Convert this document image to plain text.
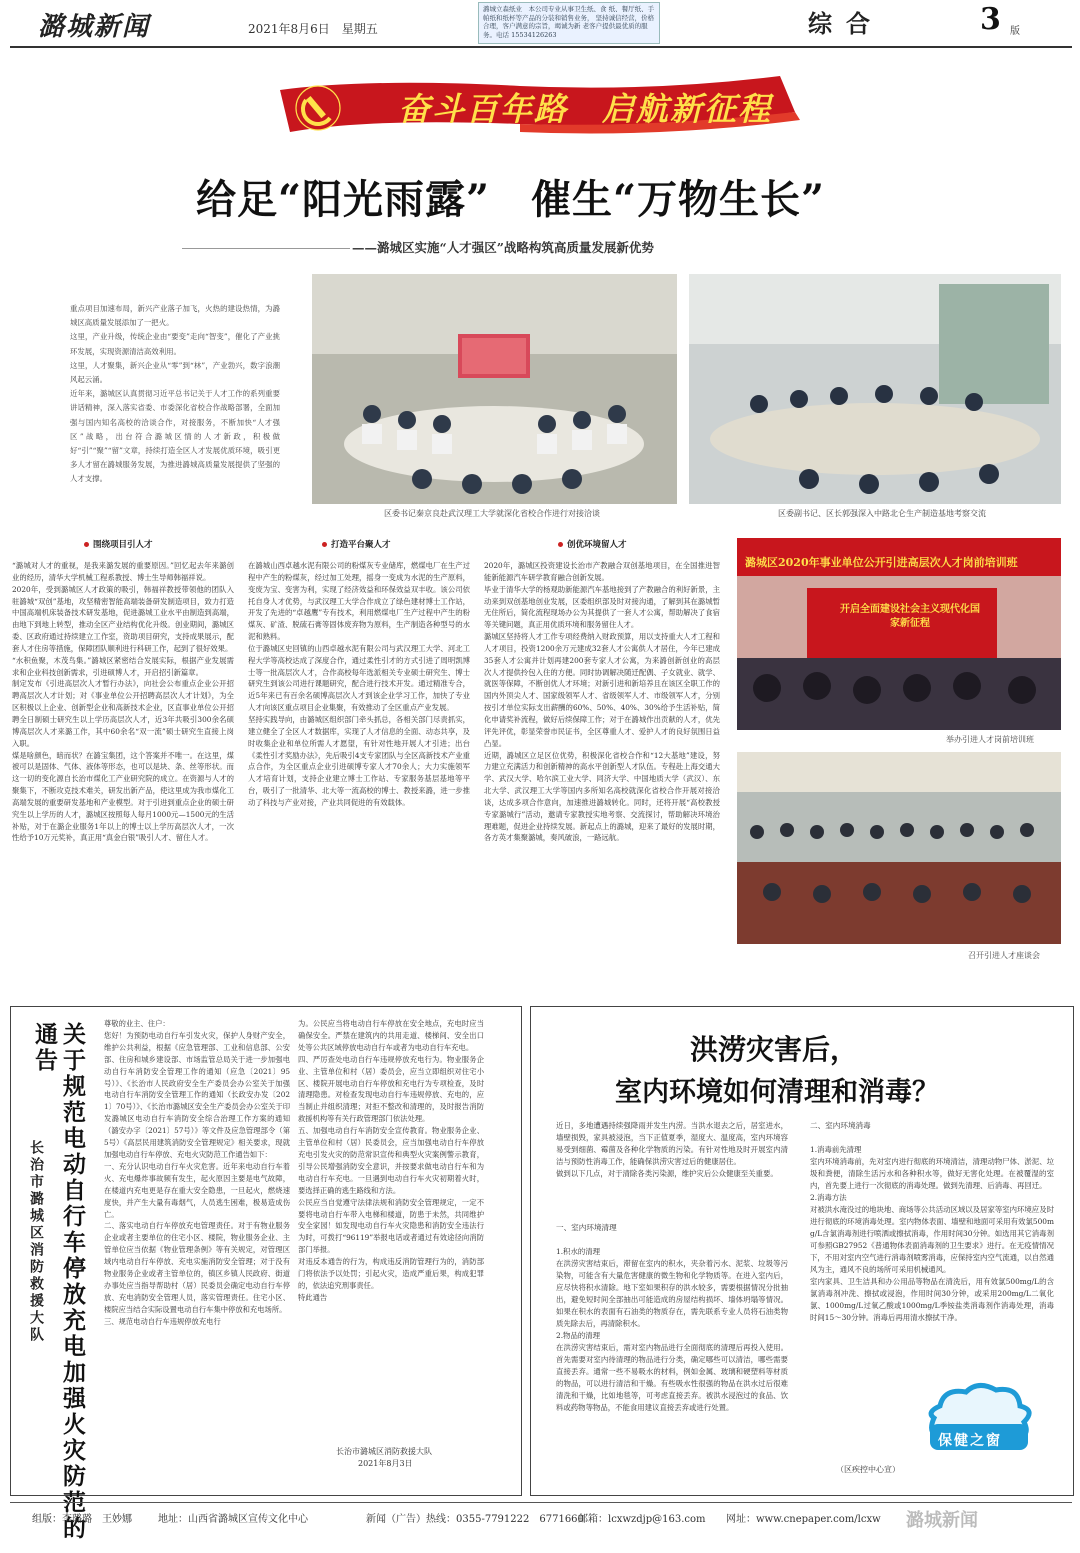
潞城新闻	2021年8月6日　星期五
潞城立森纸业　本公司专业从事卫生纸、食 纸、餐厅纸、手帕纸和纸杯等产品的分装和销售业务， 坚持诚信经营，价格合理，客户满意的宗旨，竭诚为新 老客户提供最优质的服务。电话 15534126263	综合	3 版
奋斗百年路　启航新征程
给足“阳光雨露”　催生“万物生长”
——潞城区实施“人才强区”战略构筑高质量发展新优势
重点项目加速布局，新兴产业落子加飞，火热的建设热情，为潞城区高质量发展添加了一把火。
这里，产业升级，传统企业由“要变”走向“智变”，催化了产业挑环发展，实现资源清洁高效利用。
这里，人才聚集，新兴企业从“零”到“林”，产业勃兴，数字浪潮风起云涌。
近年来，潞城区认真贯彻习近平总书记关于人才工作的系列重要讲话精神，深入落实省委、市委深化省校合作战略部署，全面加强与国内知名高校的洽谈合作，对接服务，不断加快“人才强区”战略，出台符合潞城区情的人才新政，积极做好“引”“聚”“留”文章，持续打造全区人才发展优质环境，吸引更多人才留在潞城服务发展，为推进潞城高质量发展提供了坚强的人才支撑。
区委书记秦京良赴武汉理工大学就深化省校合作进行对接洽谈	区委副书记、区长郭强深入中路北仑生产制造基地考察交流
围绕项目引人才	打造平台聚人才	创优环境留人才
“潞城对人才的重视，是我来潞发展的重要原因。”回忆起去年来潞创业的经历，清华大学机械工程系教授、博士生导师韩福祥说。
2020年，受到潞城区人才政策的吸引，韩福祥教授带领他的团队入驻潞城“双创”基地，攻坚精密智能高端装备研发制造项目，致力打造中国高端机床装备技术研发基地，促进潞城工业水平由制造到高端，由地下到地上转型，推动全区产业结构优化升级。创业期间，潞城区委、区政府通过持续建立工作室，资助项目研究，支持成果展示，配套人才住房等措施，保障团队顺利进行科研工作，起到了很好效果。
“水积鱼聚，木茂鸟集。”潞城区紧密结合发展实际，根据产业发展需求和企业科技创新需求，引进硕博人才，开启招引新篇章。
制定发布《引进高层次人才暂行办法》，向社会公布重点企业公开招聘高层次人才计划；对《事业单位公开招聘高层次人才计划》，为全区积极以上企业、创新型企业和高新技术企业，区直事业单位公开招聘全日制硕士研究生以上学历高层次人才，近3年共吸引300余名硕博高层次人才来潞工作，其中60余名“双一流”硕士研究生直接上岗入职。
煤是啥颜色，暗而状？在潞宝集团，这个答案并不唯一。在这里，煤被可以是固体、气体、液体等形态，也可以是块、条、丝等形状。而这一切的变化源自长治市煤化工产业研究院的成立。在资源与人才的聚集下，不断攻克技术难关，研发出新产品，使这里成为我市煤化工高端发展的重要研发基地和产业模型。对于引进到重点企业的硕士研究生以上学历的人才，潞城区按照每人每月1000元—1500元的生活补贴，对于在潞企业服务1年以上的博士以上学历高层次人才，一次性给予10万元奖补，真正用“真金白银”吸引人才、留住人才。
在潞城山西卓越水泥有限公司的粉煤灰专业储库，燃煤电厂在生产过程中产生的粉煤灰，经过加工处理，摇身一变成为水泥的生产原料，变废为宝、变害为利，实现了经济效益和环保效益双丰收。该公司依托自身人才优势，与武汉理工大学合作成立了绿色建材博士工作站，开发了先进的“卓越鹰”专有技术，利用燃煤电厂生产过程中产生的粉煤灰、矿渣、脱硫石膏等固体废弃物为原料，生产制造各种型号的水泥和熟料。
位于潞城区史回镇的山西卓越水泥有限公司与武汉理工大学、河北工程大学等高校达成了深度合作，通过柔性引才的方式引进了周明凯博士等一批高层次人才，合作高校每年选派相关专业硕士研究生、博士研究生到该公司进行课题研究，配合进行技术开发。通过精准专合，近5年来已有百余名硕博高层次人才到该企业学习工作，加快了专业人才向该区重点项目企业集聚，有效推动了全区重点产业发展。
坚持实践导向，由潞城区组织部门牵头抓总，各相关部门尽责抓实，建立健全了全区人才数据库，实现了人才信息的全面、动态共享，及时收集企业和单位所需人才愿望，有针对性地开展人才引进；出台《柔性引才奖励办法》，先后吸引4支专家团队与全区高新技术产业重点合作，为全区重点企业引进硕博专家人才70余人；大力实施领军人才培育计划，支持企业建立博士工作站、专家服务基层基地等平台，吸引了一批清华、北大等一流高校的博士、教授来潞，进一步推动了科技与产业对接，产业共同促进的有效载体。
2020年，潞城区投资建设长治市产教融合双创基地项目，在全国推进智能新能源汽车研学教育融合创新发展。
毕业于清华大学的杨观助新能源汽车基地接到了产教融合的利好新景，主动来到双创基地创业发展，区委组织部及时对接沟通，了解到其在潞城暂无住所后，简化流程现场办公为其提供了一套人才公寓，帮助解决了食宿等关键问题，真正用优质环境和服务留住人才。
潞城区坚持将人才工作专项经费纳入财政预算，用以支持重大人才工程和人才项目，投资1200余万元建成32套人才公寓供人才居住，今年已建成35套人才公寓并计划再建200套专家人才公寓，为来潞创新创业的高层次人才提供拎包入住的方便。同时协调解决随迁配偶、子女就业、就学、就医等保障，不断创优人才环境；对新引进和新培养且在该区全职工作的国内外顶尖人才、国家级领军人才、省级领军人才、市级领军人才，分别按引才单位实际支出薪酬的60%、50%、40%、30%给予生活补贴，简化申请奖补流程，做好后续保障工作；对于在潞城作出贡献的人才，优先评先评优，彰显荣誉市民证书，全区尊重人才、爱护人才的良好氛围日益凸显。
近期，潞城区立足区位优势，积极深化省校合作和“12大基地”建设，努力建立充满活力和创新精神的高水平创新型人才队伍。专程赴上海交通大学、武汉大学、哈尔滨工业大学、同济大学、中国地质大学（武汉）、东北大学、武汉理工大学等国内多所知名高校就深化省校合作开展对接洽谈，达成多项合作意向，加速推进潞城转化。同时，还将开展“高校教授专家潞城行”活动，邀请专家教授实地考察、交流探讨，帮助解决环境治理难题，促进企业持续发展。新起点上的潞城，迎来了最好的发展时期，各方英才集聚潞城，奏风破浪，一路远航。
潞城区2020年事业单位公开引进高层次人才岗前培训班
开启全面建设社会主义现代化国家新征程
举办引进人才岗前培训班
召开引进人才座谈会
关于规范电动自行车停放充电加强火灾防范的通告
长治市潞城区消防救援大队
尊敬的业主、住户：
您好！为预防电动自行车引发火灾，保护人身财产安全，维护公共利益，根据《应急管理部、工业和信息部、公安部、住房和城乡建设部、市场监管总局关于进一步加强电动自行车消防安全管理工作的通知（应急〔2021〕95号）》、《长治市人民政府安全生产委员会办公室关于加强电动自行车消防安全管理工作的通知（长政安办发〔2021〕70号）》、《长治市潞城区安全生产委员会办公室关于印发潞城区电动自行车消防安全综合治理工作方案的通知（潞安办字〔2021〕57号）》等文件及应急管理部令（第5号）《高层民用建筑消防安全管理规定》相关要求，现就加强电动自行车停放、充电火灾防范工作通告如下：
一、充分认识电动自行车火灾危害。近年来电动自行车着火、充电爆炸事故频有发生，起火原因主要是电气故障，在楼道内充电更是存在重大安全隐患，一旦起火，燃烧速度快，并产生大量有毒烟气，人员逃生困难，极易造成伤亡。
二、落实电动自行车停放充电管理责任。对于有物业服务企业或者主要单位的住宅小区、楼院，物业服务企业、主管单位应当依据《物业管理条例》等有关规定，对管理区域内电动自行车停放、充电实施消防安全管理；对于没有物业服务企业或者主管单位的，镇区乡镇人民政府、街道办事处应当指导帮助村（居）民委员会确定电动自行车停放、充电消防安全管理人员，落实管理责任。住宅小区、楼院应当结合实际设置电动自行车集中停放和充电场所。
三、规范电动自行车违规停放充电行
为。公民应当将电动自行车停放在安全地点，充电时应当确保安全。严禁在建筑内的共用走道、楼梯间、安全出口处等公共区域停放电动自行车或者为电动自行车充电。
四、严厉查处电动自行车违规停放充电行为。物业服务企业、主管单位和村（居）委员会，应当立即组织对住宅小区、楼院开展电动自行车停放和充电行为专项检查，及时清理隐患。对检查发现电动自行车违规停放、充电的，应当制止并组织清理；对拒不整改和清理的，及时报告消防救援机构等有关行政管理部门依法处理。
五、加强电动自行车消防安全宣传教育。物业服务企业、主管单位和村（居）民委员会，应当加强电动自行车停放充电引发火灾的防范常识宣传和典型火灾案例警示教育，引导公民增强消防安全意识，并按要求做电动自行车和为电动自行车充电。一旦遇到电动自行车火灾初期着火时，要选择正确的逃生路线和方法。
公民应当自觉遵守法律法规和消防安全管理规定，一定不要将电动自行车带入电梯和楼道，防患于未然，共同维护安全家园！如发现电动自行车火灾隐患和消防安全违法行为时，可拨打“96119”举报电话或者通过有效途径向消防部门举报。
对违反本通告的行为，构成违反消防管理行为的，消防部门将依法予以处罚；引起火灾，造成严重后果，构成犯罪的，依法追究刑事责任。
特此通告
长治市潞城区消防救援大队
2021年8月3日
洪涝灾害后，
室内环境如何清理和消毒？
近日，多地遭遇持续强降雨并发生内涝。当洪水退去之后，居室进水，墙壁损毁，家具被浸泡，当下正值夏季，湿度大、温度高，室内环境容易受到细菌、霉菌及各种化学物质的污染。有针对性地及时开展室内清洁与预防性消毒工作，能确保洪涝灾害过后的健康居住。
做到以下几点，对于清除各类污染源，维护灾后公众健康至关重要。
一、室内环境清理
1.积水的清理
在洪涝灾害结束后，滞留在室内的积水，夹杂着污水、泥浆、垃圾等污染物，可能含有大量危害健康的微生物和化学物质等。在进入室内后，应尽快将积水清除。地下室如果积存的洪水较多，需要根据情况分批抽出，避免短时间全部抽出可能造成的房屋结构损坏、墙体坍塌等情况。如果在积水的表面有石油类的物质存在，需先联系专业人员将石油类物质先除去后，再清除积水。
2.物品的清理
在洪涝灾害结束后，需对室内物品进行全面彻底的清理后再投入使用。首先需要对室内待清理的物品进行分类，确定哪些可以清洁，哪些需要直接丢弃。通常一些不易吸水的材料，例如金属、玻璃和硬塑料等材质的物品，可以进行清洁和干燥。有些吸水性很强的物品在洪水过后很难清洗和干燥，比如地毯等，可考虑直接丢弃。被洪水浸泡过的食品、饮料或药物等物品，不能食用建议直接丢弃或进行处置。
二、室内环境消毒
1.消毒前先清理
室内环境消毒前，先对室内进行彻底的环境清洁，清理动物尸体、淤泥、垃圾和粪便，清除生活污水和各种积水等，做好无害化处理。在被覆湿的室内，首先要上进行一次彻底的消毒处理。做到先清理、后消毒、再回迁。
2.消毒方法
对被洪水淹没过的地块地、商场等公共活动区域以及居家等室内环境应及时进行彻底的环境消毒处理。室内物体表面、墙壁和地面可采用有效氯500mg/L含氯消毒剂进行喷洒或擦拭消毒，作用时间30分钟。如选用其它消毒剂可参照GB27952《普通物体表面消毒剂的卫生要求》进行。在无疫情情况下，不用对室内空气进行消毒剂喷雾消毒，应保持室内空气流通，以自然通风为主，通风不良的场所可采用机械通风。
室内家具、卫生洁具和办公用品等物品在清洗后，用有效氯500mg/L的含氯消毒剂冲洗、擦拭或浸泡，作用时间30分钟，或采用200mg/L二氧化氯、1000mg/L过氧乙酸或1000mg/L季铵盐类消毒剂作消毒处理，消毒时间15～30分钟。消毒后再用清水擦拭干净。
（区疾控中心宣）
保健之窗
组版：李璐璐　王妙娜	地址：山西省潞城区宣传文化中心	新闻（广告）热线：0355-7791222　6771660
邮箱：lcxwzdjp@163.com 网址：www.cnepaper.com/lcxw 潞城新闻
